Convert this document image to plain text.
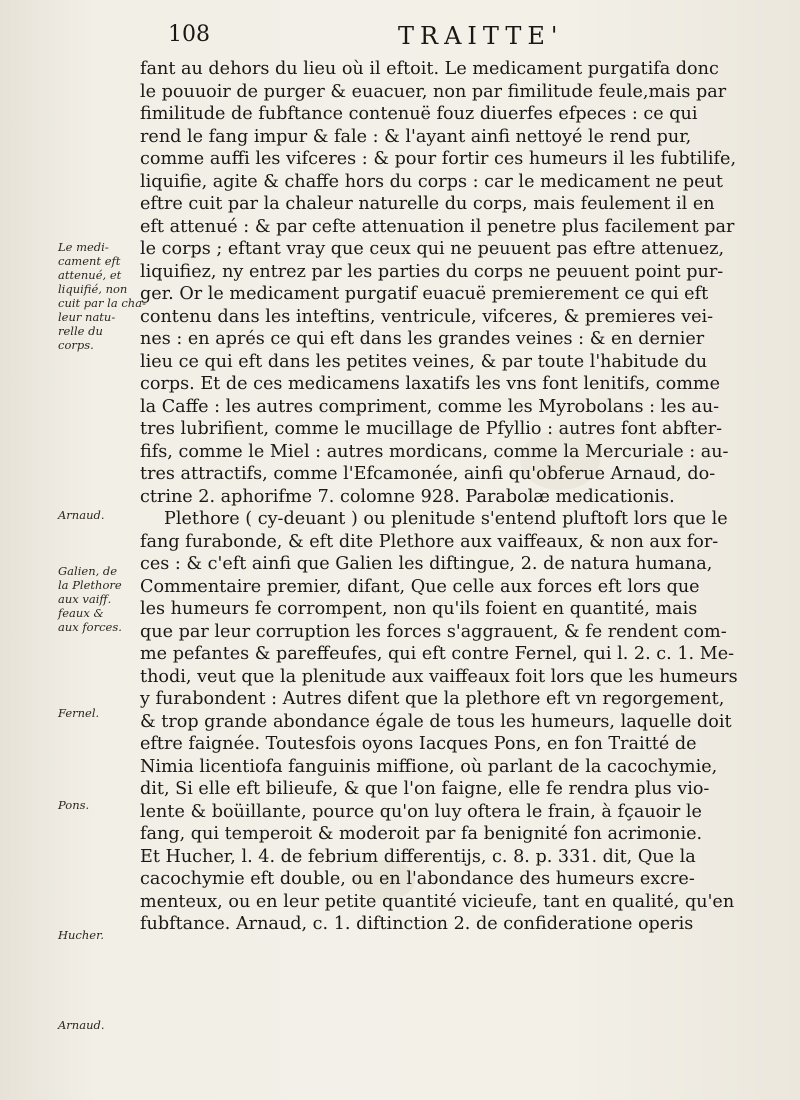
108	TRAITTE'
Le medi-
cament eft
attenué, et
liquifié, non
cuit par la cha-
leur natu-
relle du
corps.
Arnaud.
Galien, de
la Plethore
aux vaiff.
feaux &
aux forces.
Fernel.
Pons.
Hucher.
Arnaud.
fant au dehors du lieu où il eftoit. Le medicament purgatifa donc
le pouuoir de purger & euacuer, non par fimilitude feule,mais par
fimilitude de fubftance contenuë fouz diuerfes efpeces : ce qui
rend le fang impur & fale : & l'ayant ainfi nettoyé le rend pur,
comme auffi les vifceres : & pour fortir ces humeurs il les fubtilife,
liquifie, agite & chaffe hors du corps : car le medicament ne peut
eftre cuit par la chaleur naturelle du corps, mais feulement il en
eft attenué : & par cefte attenuation il penetre plus facilement par
le corps ; eftant vray que ceux qui ne peuuent pas eftre attenuez,
liquifiez, ny entrez par les parties du corps ne peuuent point pur-
ger. Or le medicament purgatif euacuë premierement ce qui eft
contenu dans les inteftins, ventricule, vifceres, & premieres vei-
nes : en aprés ce qui eft dans les grandes veines : & en dernier
lieu ce qui eft dans les petites veines, & par toute l'habitude du
corps. Et de ces medicamens laxatifs les vns font lenitifs, comme
la Caffe : les autres compriment, comme les Myrobolans : les au-
tres lubrifient, comme le mucillage de Pfyllio : autres font abfter-
fifs, comme le Miel : autres mordicans, comme la Mercuriale : au-
tres attractifs, comme l'Efcamonée, ainfi qu'obferue Arnaud, do-
ctrine 2. aphorifme 7. colomne 928. Parabolæ medicationis.
Plethore ( cy-deuant ) ou plenitude s'entend pluftoft lors que le
fang furabonde, & eft dite Plethore aux vaiffeaux, & non aux for-
ces : & c'eft ainfi que Galien les diftingue, 2. de natura humana,
Commentaire premier, difant, Que celle aux forces eft lors que
les humeurs fe corrompent, non qu'ils foient en quantité, mais
que par leur corruption les forces s'aggrauent, & fe rendent com-
me pefantes & pareffeufes, qui eft contre Fernel, qui l. 2. c. 1. Me-
thodi, veut que la plenitude aux vaiffeaux foit lors que les humeurs
y furabondent : Autres difent que la plethore eft vn regorgement,
& trop grande abondance égale de tous les humeurs, laquelle doit
eftre faignée. Toutesfois oyons Iacques Pons, en fon Traitté de
Nimia licentiofa fanguinis miffione, où parlant de la cacochymie,
dit, Si elle eft bilieufe, & que l'on faigne, elle fe rendra plus vio-
lente & boüillante, pource qu'on luy oftera le frain, à fçauoir le
fang, qui temperoit & moderoit par fa benignité fon acrimonie.
Et Hucher, l. 4. de febrium differentijs, c. 8. p. 331. dit, Que la
cacochymie eft double, ou en l'abondance des humeurs excre-
menteux, ou en leur petite quantité vicieufe, tant en qualité, qu'en
fubftance. Arnaud, c. 1. diftinction 2. de confideratione operis
